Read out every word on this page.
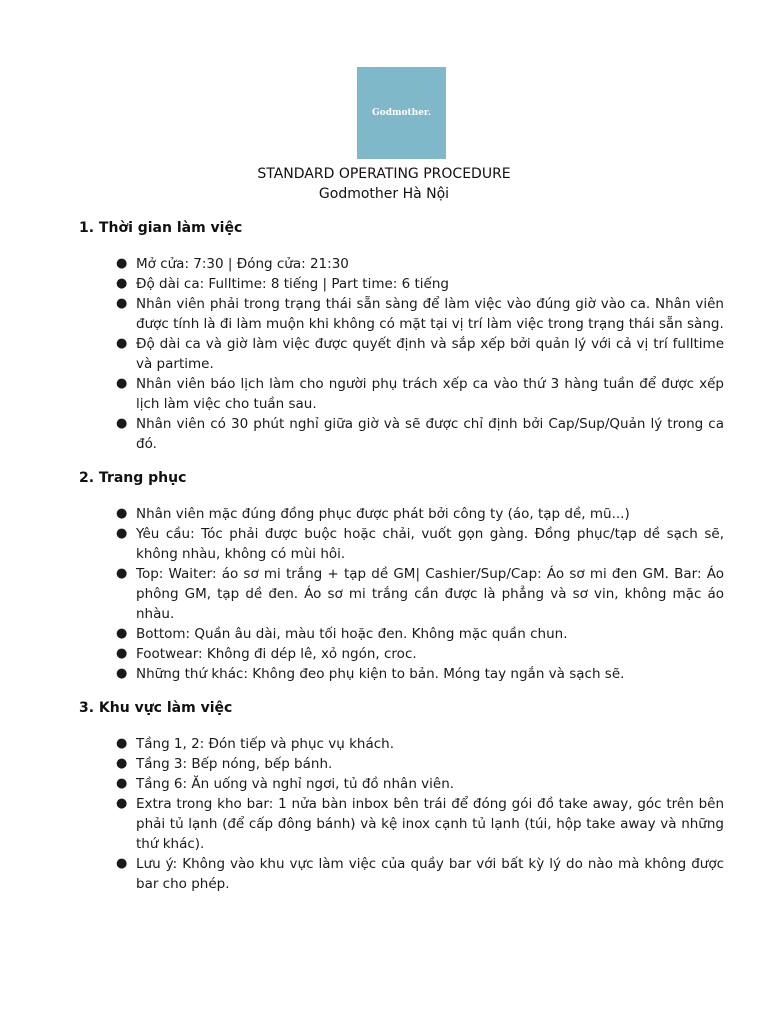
Godmother.
STANDARD OPERATING PROCEDURE
Godmother Hà Nội
1. Thời gian làm việc
● Mở cửa: 7:30 | Đóng cửa: 21:30
● Độ dài ca: Fulltime: 8 tiếng | Part time: 6 tiếng
● Nhân viên phải trong trạng thái sẵn sàng để làm việc vào đúng giờ vào ca. Nhân viên được tính là đi làm muộn khi không có mặt tại vị trí làm việc trong trạng thái sẵn sàng.
● Độ dài ca và giờ làm việc được quyết định và sắp xếp bởi quản lý với cả vị trí fulltime và partime.
● Nhân viên báo lịch làm cho người phụ trách xếp ca vào thứ 3 hàng tuần để được xếp lịch làm việc cho tuần sau.
● Nhân viên có 30 phút nghỉ giữa giờ và sẽ được chỉ định bởi Cap/Sup/Quản lý trong ca đó.
2. Trang phục
● Nhân viên mặc đúng đồng phục được phát bởi công ty (áo, tạp dề, mũ...)
● Yêu cầu: Tóc phải được buộc hoặc chải, vuốt gọn gàng. Đồng phục/tạp dề sạch sẽ, không nhàu, không có mùi hôi.
● Top: Waiter: áo sơ mi trắng + tạp dề GM| Cashier/Sup/Cap: Áo sơ mi đen GM. Bar: Áo phông GM, tạp dề đen. Áo sơ mi trắng cần được là phẳng và sơ vin, không mặc áo nhàu.
● Bottom: Quần âu dài, màu tối hoặc đen. Không mặc quần chun.
● Footwear: Không đi dép lê, xỏ ngón, croc.
● Những thứ khác: Không đeo phụ kiện to bản. Móng tay ngắn và sạch sẽ.
3. Khu vực làm việc
● Tầng 1, 2: Đón tiếp và phục vụ khách.
● Tầng 3: Bếp nóng, bếp bánh.
● Tầng 6: Ăn uống và nghỉ ngơi, tủ đồ nhân viên.
● Extra trong kho bar: 1 nửa bàn inbox bên trái để đóng gói đồ take away, góc trên bên phải tủ lạnh (để cấp đông bánh) và kệ inox cạnh tủ lạnh (túi, hộp take away và những thứ khác).
● Lưu ý: Không vào khu vực làm việc của quầy bar với bất kỳ lý do nào mà không được bar cho phép.
